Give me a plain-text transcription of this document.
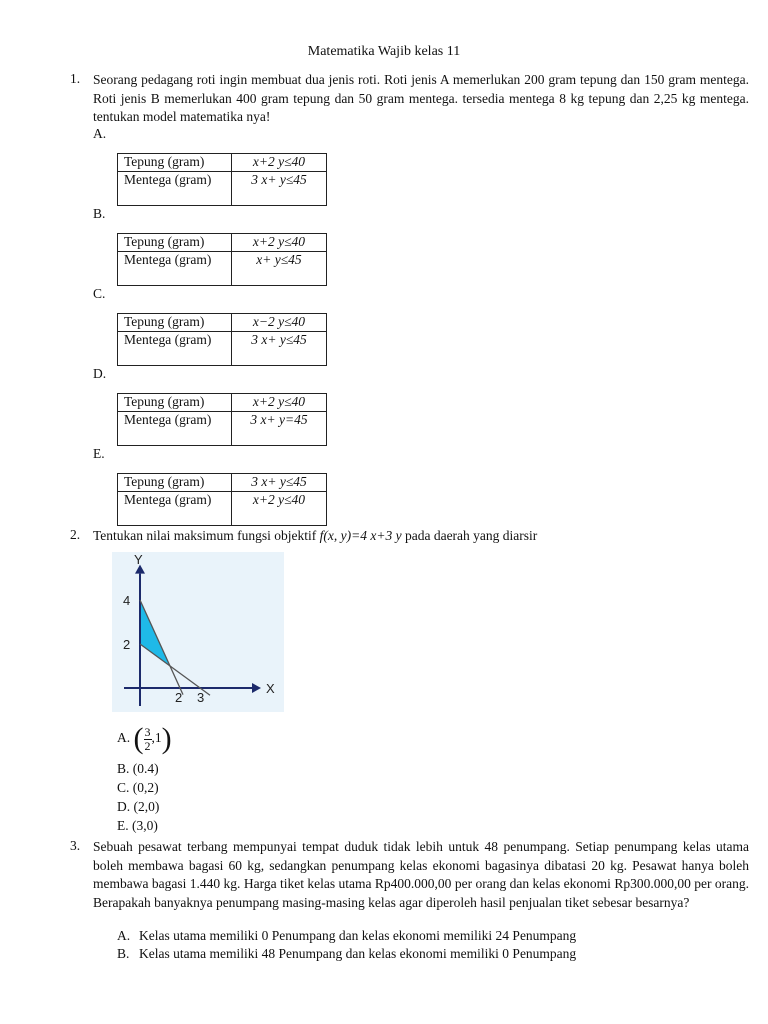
Matematika Wajib kelas 11
1. Seorang pedagang roti ingin membuat dua jenis roti. Roti jenis A memerlukan 200 gram tepung dan 150 gram mentega. Roti jenis B memerlukan 400 gram tepung dan 50 gram mentega. tersedia mentega 8 kg tepung dan 2,25 kg mentega. tentukan model matematika nya!

A.
Tepung (gram)	x+2 y≤40
Mentega (gram)	3 x+ y≤45
B.
Tepung (gram)	x+2 y≤40
Mentega (gram)	x+ y≤45
C.
Tepung (gram)	x−2 y≤40
Mentega (gram)	3 x+ y≤45
D.
Tepung (gram)	x+2 y≤40
Mentega (gram)	3 x+ y=45
E.
Tepung (gram)	3 x+ y≤45
Mentega (gram)	x+2 y≤40
2. Tentukan nilai maksimum fungsi objektif f(x, y)=4 x+3 y pada daerah yang diarsir

Y
X
4
2
2 3
A. ( $\frac{3}{2} ,1$)
B. (0.4)
C. (0,2)
D. (2,0)
E. (3,0)
3. Sebuah pesawat terbang mempunyai tempat duduk tidak lebih untuk 48 penumpang. Setiap penumpang kelas utama boleh membawa bagasi 60 kg, sedangkan penumpang kelas ekonomi bagasinya dibatasi 20 kg. Pesawat hanya boleh membawa bagasi 1.440 kg. Harga tiket kelas utama Rp400.000,00 per orang dan kelas ekonomi Rp300.000,00 per orang. Berapakah banyaknya penumpang masing-masing kelas agar diperoleh hasil penjualan tiket sebesar besarnya?

A. Kelas utama memiliki 0 Penumpang dan kelas ekonomi memiliki 24 Penumpang
B. Kelas utama memiliki 48 Penumpang dan kelas ekonomi memiliki 0 Penumpang
